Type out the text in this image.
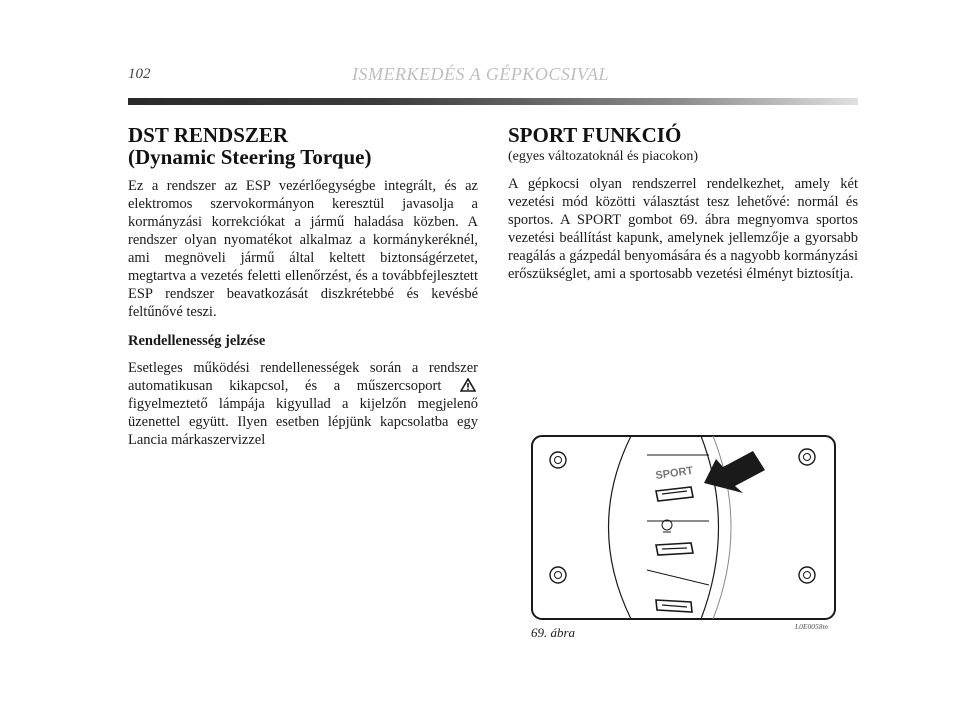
102	ISMERKEDÉS A GÉPKOCSIVAL
DST RENDSZER
(Dynamic Steering Torque)

Ez a rendszer az ESP vezérlőegységbe integrált, és az elektromos szervokormányon keresztül javasolja a kormányzási korrekciókat a jármű haladása közben. A rendszer olyan nyomatékot alkalmaz a kormánykeréknél, ami megnöveli jármű által keltett biztonságérzetet, megtartva a vezetés feletti ellenőrzést, és a továbbfejlesztett ESP rendszer beavatkozását diszkrétebbé és kevésbé feltűnővé teszi.

Rendellenesség jelzése

Esetleges működési rendellenességek során a rendszer automatikusan kikapcsol, és a műszercsoport  figyelmeztető lámpája kigyullad a kijelzőn megjelenő üzenettel együtt. Ilyen esetben lépjünk kapcsolatba egy Lancia márkaszervizzel

SPORT FUNKCIÓ

(egyes változatoknál és piacokon)

A gépkocsi olyan rendszerrel rendelkezhet, amely két vezetési mód közötti választást tesz lehetővé: normál és sportos. A SPORT gombot 69. ábra megnyomva sportos vezetési beállítást kapunk, amelynek jellemzője a gyorsabb reagálás a gázpedál benyomására és a nagyobb kormányzási erőszükséglet, ami a sportosabb vezetési élményt biztosítja.

SPORT
69. ábra	L0E0058m
